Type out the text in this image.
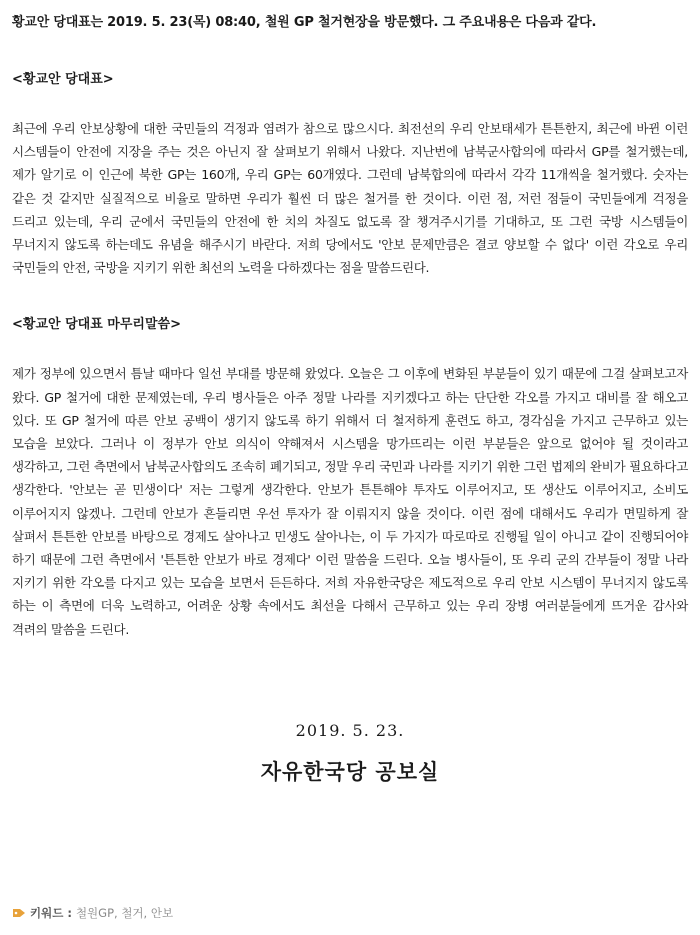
황교안 당대표는 2019. 5. 23(목) 08:40, 철원 GP 철거현장을 방문했다. 그 주요내용은 다음과 같다.

<황교안 당대표>

최근에 우리 안보상황에 대한 국민들의 걱정과 염려가 참으로 많으시다. 최전선의 우리 안보태세가 튼튼한지, 최근에 바뀐 이런 시스템들이 안전에 지장을 주는 것은 아닌지 잘 살펴보기 위해서 나왔다. 지난번에 남북군사합의에 따라서 GP를 철거했는데, 제가 알기로 이 인근에 북한 GP는 160개, 우리 GP는 60개였다. 그런데 남북합의에 따라서 각각 11개씩을 철거했다. 숫자는 같은 것 같지만 실질적으로 비율로 말하면 우리가 훨씬 더 많은 철거를 한 것이다. 이런 점, 저런 점들이 국민들에게 걱정을 드리고 있는데, 우리 군에서 국민들의 안전에 한 치의 차질도 없도록 잘 챙겨주시기를 기대하고, 또 그런 국방 시스템들이 무너지지 않도록 하는데도 유념을 해주시기 바란다. 저희 당에서도 '안보 문제만큼은 결코 양보할 수 없다' 이런 각오로 우리 국민들의 안전, 국방을 지키기 위한 최선의 노력을 다하겠다는 점을 말씀드린다.

<황교안 당대표 마무리말씀>

제가 정부에 있으면서 틈날 때마다 일선 부대를 방문해 왔었다. 오늘은 그 이후에 변화된 부분들이 있기 때문에 그걸 살펴보고자 왔다. GP 철거에 대한 문제였는데, 우리 병사들은 아주 정말 나라를 지키겠다고 하는 단단한 각오를 가지고 대비를 잘 해오고 있다. 또 GP 철거에 따른 안보 공백이 생기지 않도록 하기 위해서 더 철저하게 훈련도 하고, 경각심을 가지고 근무하고 있는 모습을 보았다. 그러나 이 정부가 안보 의식이 약해져서 시스템을 망가뜨리는 이런 부분들은 앞으로 없어야 될 것이라고 생각하고, 그런 측면에서 남북군사합의도 조속히 폐기되고, 정말 우리 국민과 나라를 지키기 위한 그런 법제의 완비가 필요하다고 생각한다. '안보는 곧 민생이다' 저는 그렇게 생각한다. 안보가 튼튼해야 투자도 이루어지고, 또 생산도 이루어지고, 소비도 이루어지지 않겠나. 그런데 안보가 흔들리면 우선 투자가 잘 이뤄지지 않을 것이다. 이런 점에 대해서도 우리가 면밀하게 잘 살펴서 튼튼한 안보를 바탕으로 경제도 살아나고 민생도 살아나는, 이 두 가지가 따로따로 진행될 일이 아니고 같이 진행되어야 하기 때문에 그런 측면에서 '튼튼한 안보가 바로 경제다' 이런 말씀을 드린다. 오늘 병사들이, 또 우리 군의 간부들이 정말 나라 지키기 위한 각오를 다지고 있는 모습을 보면서 든든하다. 저희 자유한국당은 제도적으로 우리 안보 시스템이 무너지지 않도록 하는 이 측면에 더욱 노력하고, 어려운 상황 속에서도 최선을 다해서 근무하고 있는 우리 장병 여러분들에게 뜨거운 감사와 격려의 말씀을 드린다.

2019. 5. 23.
자유한국당 공보실
키워드 : 철원GP, 철거, 안보
